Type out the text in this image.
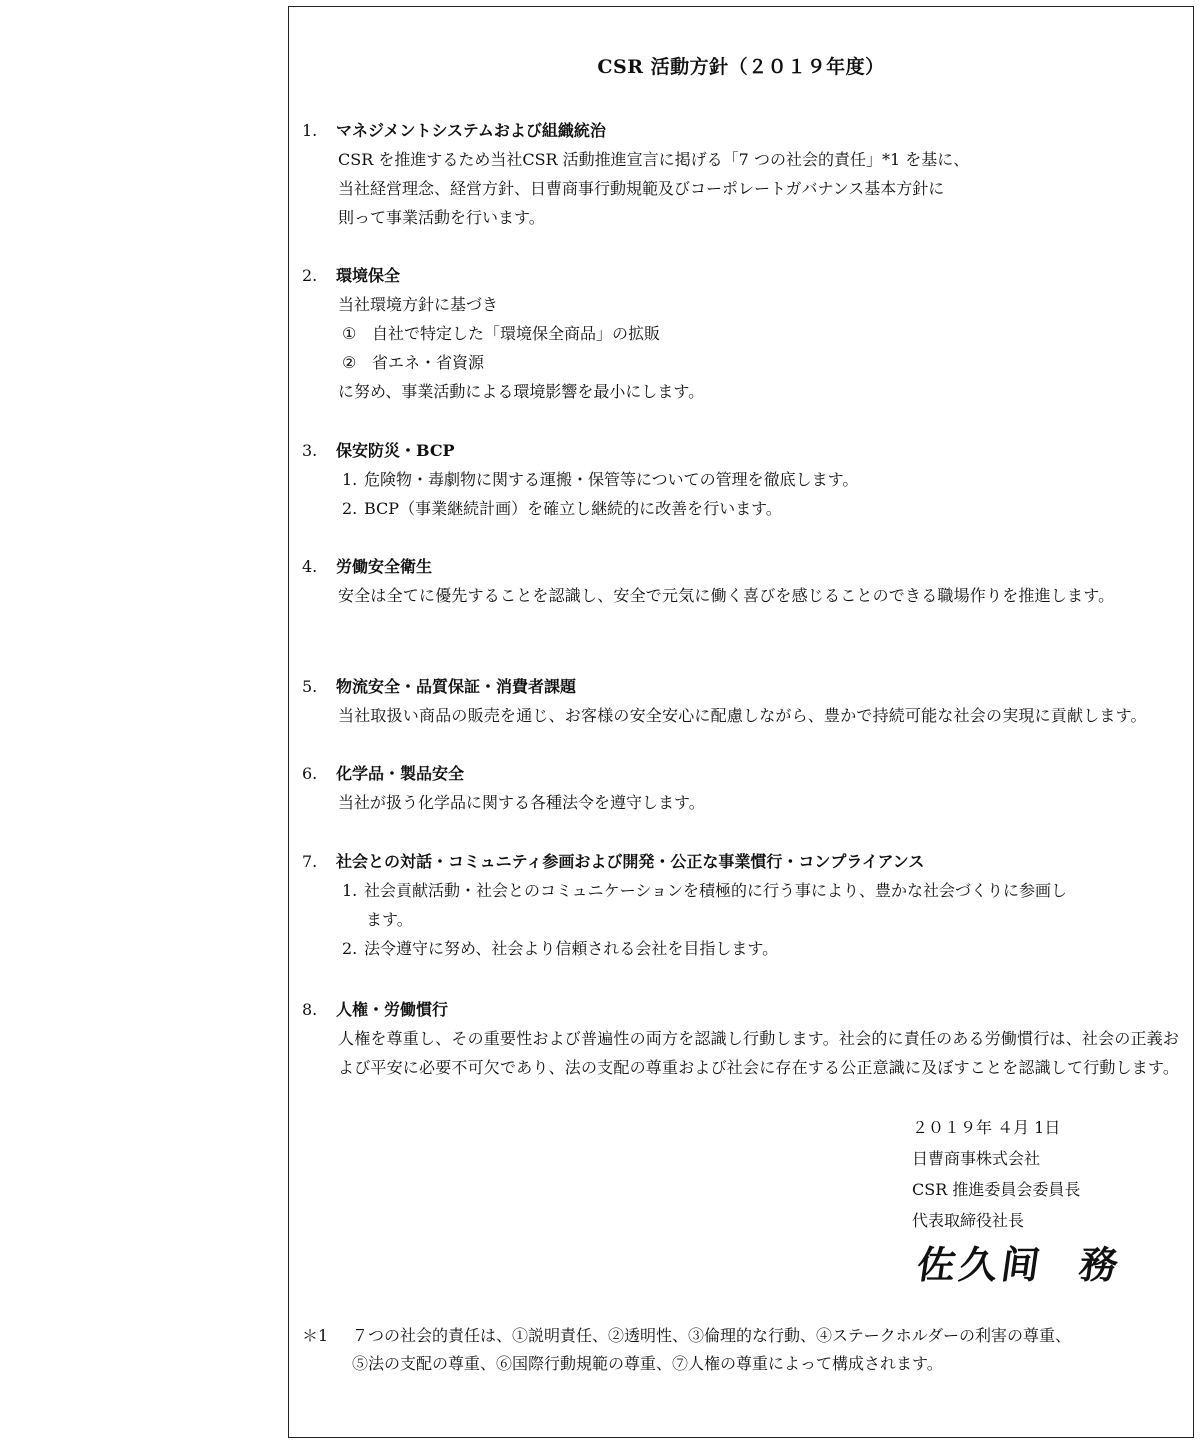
CSR 活動方針（２０１９年度）
1. マネジメントシステムおよび組織統治
CSR を推進するため当社CSR 活動推進宣言に掲げる「7 つの社会的責任」*1 を基に、
当社経営理念、経営方針、日曹商事行動規範及びコーポレートガバナンス基本方針に
則って事業活動を行います。
2. 環境保全
当社環境方針に基づき
① 自社で特定した「環境保全商品」の拡販
② 省エネ・省資源
に努め、事業活動による環境影響を最小にします。
3. 保安防災・BCP
1. 危険物・毒劇物に関する運搬・保管等についての管理を徹底します。
2. BCP（事業継続計画）を確立し継続的に改善を行います。
4. 労働安全衛生
安全は全てに優先することを認識し、安全で元気に働く喜びを感じることのできる職場作りを推進します。
5. 物流安全・品質保証・消費者課題
当社取扱い商品の販売を通じ、お客様の安全安心に配慮しながら、豊かで持続可能な社会の実現に貢献します。
6. 化学品・製品安全
当社が扱う化学品に関する各種法令を遵守します。
7. 社会との対話・コミュニティ参画および開発・公正な事業慣行・コンプライアンス
1. 社会貢献活動・社会とのコミュニケーションを積極的に行う事により、豊かな社会づくりに参画し
ます。
2. 法令遵守に努め、社会より信頼される会社を目指します。
8. 人権・労働慣行
人権を尊重し、その重要性および普遍性の両方を認識し行動します。社会的に責任のある労働慣行は、社会の正義および平安に必要不可欠であり、法の支配の尊重および社会に存在する公正意識に及ぼすことを認識して行動します。
２０１９年 ４月 1日
日曹商事株式会社
CSR 推進委員会委員長
代表取締役社長
佐久间 務
＊1 ７つの社会的責任は、①説明責任、②透明性、③倫理的な行動、④ステークホルダーの利害の尊重、
⑤法の支配の尊重、⑥国際行動規範の尊重、⑦人権の尊重によって構成されます。
